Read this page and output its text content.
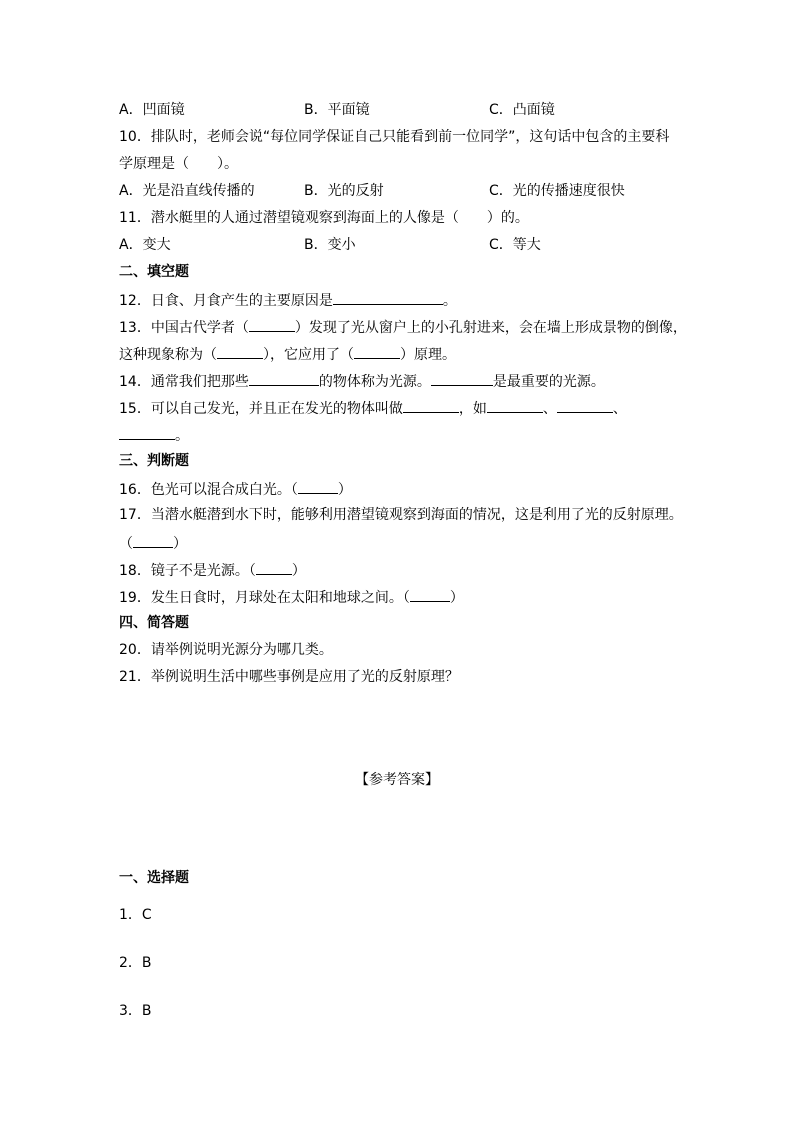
A．凹面镜	B．平面镜	C．凸面镜
10．排队时，老师会说“每位同学保证自己只能看到前一位同学”，这句话中包含的主要科
学原理是（　　）。
A．光是沿直线传播的	B．光的反射	C．光的传播速度很快
11．潜水艇里的人通过潜望镜观察到海面上的人像是（　　）的。
A．变大	B．变小	C．等大
二、填空题
12．日食、月食产生的主要原因是	。
13．中国古代学者（	）发现了光从窗户上的小孔射进来，会在墙上形成景物的倒像，
这种现象称为（	），它应用了（	）原理。
14．通常我们把那些	的物体称为光源。	是最重要的光源。
15．可以自己发光，并且正在发光的物体叫做	，如	、	、
。
三、判断题
16．色光可以混合成白光。（	）
17．当潜水艇潜到水下时，能够利用潜望镜观察到海面的情况，这是利用了光的反射原理。
（	）
18．镜子不是光源。（	）
19．发生日食时，月球处在太阳和地球之间。（	）
四、简答题
20．请举例说明光源分为哪几类。
21．举例说明生活中哪些事例是应用了光的反射原理？
【参考答案】
一、选择题
1．C
2．B
3．B
